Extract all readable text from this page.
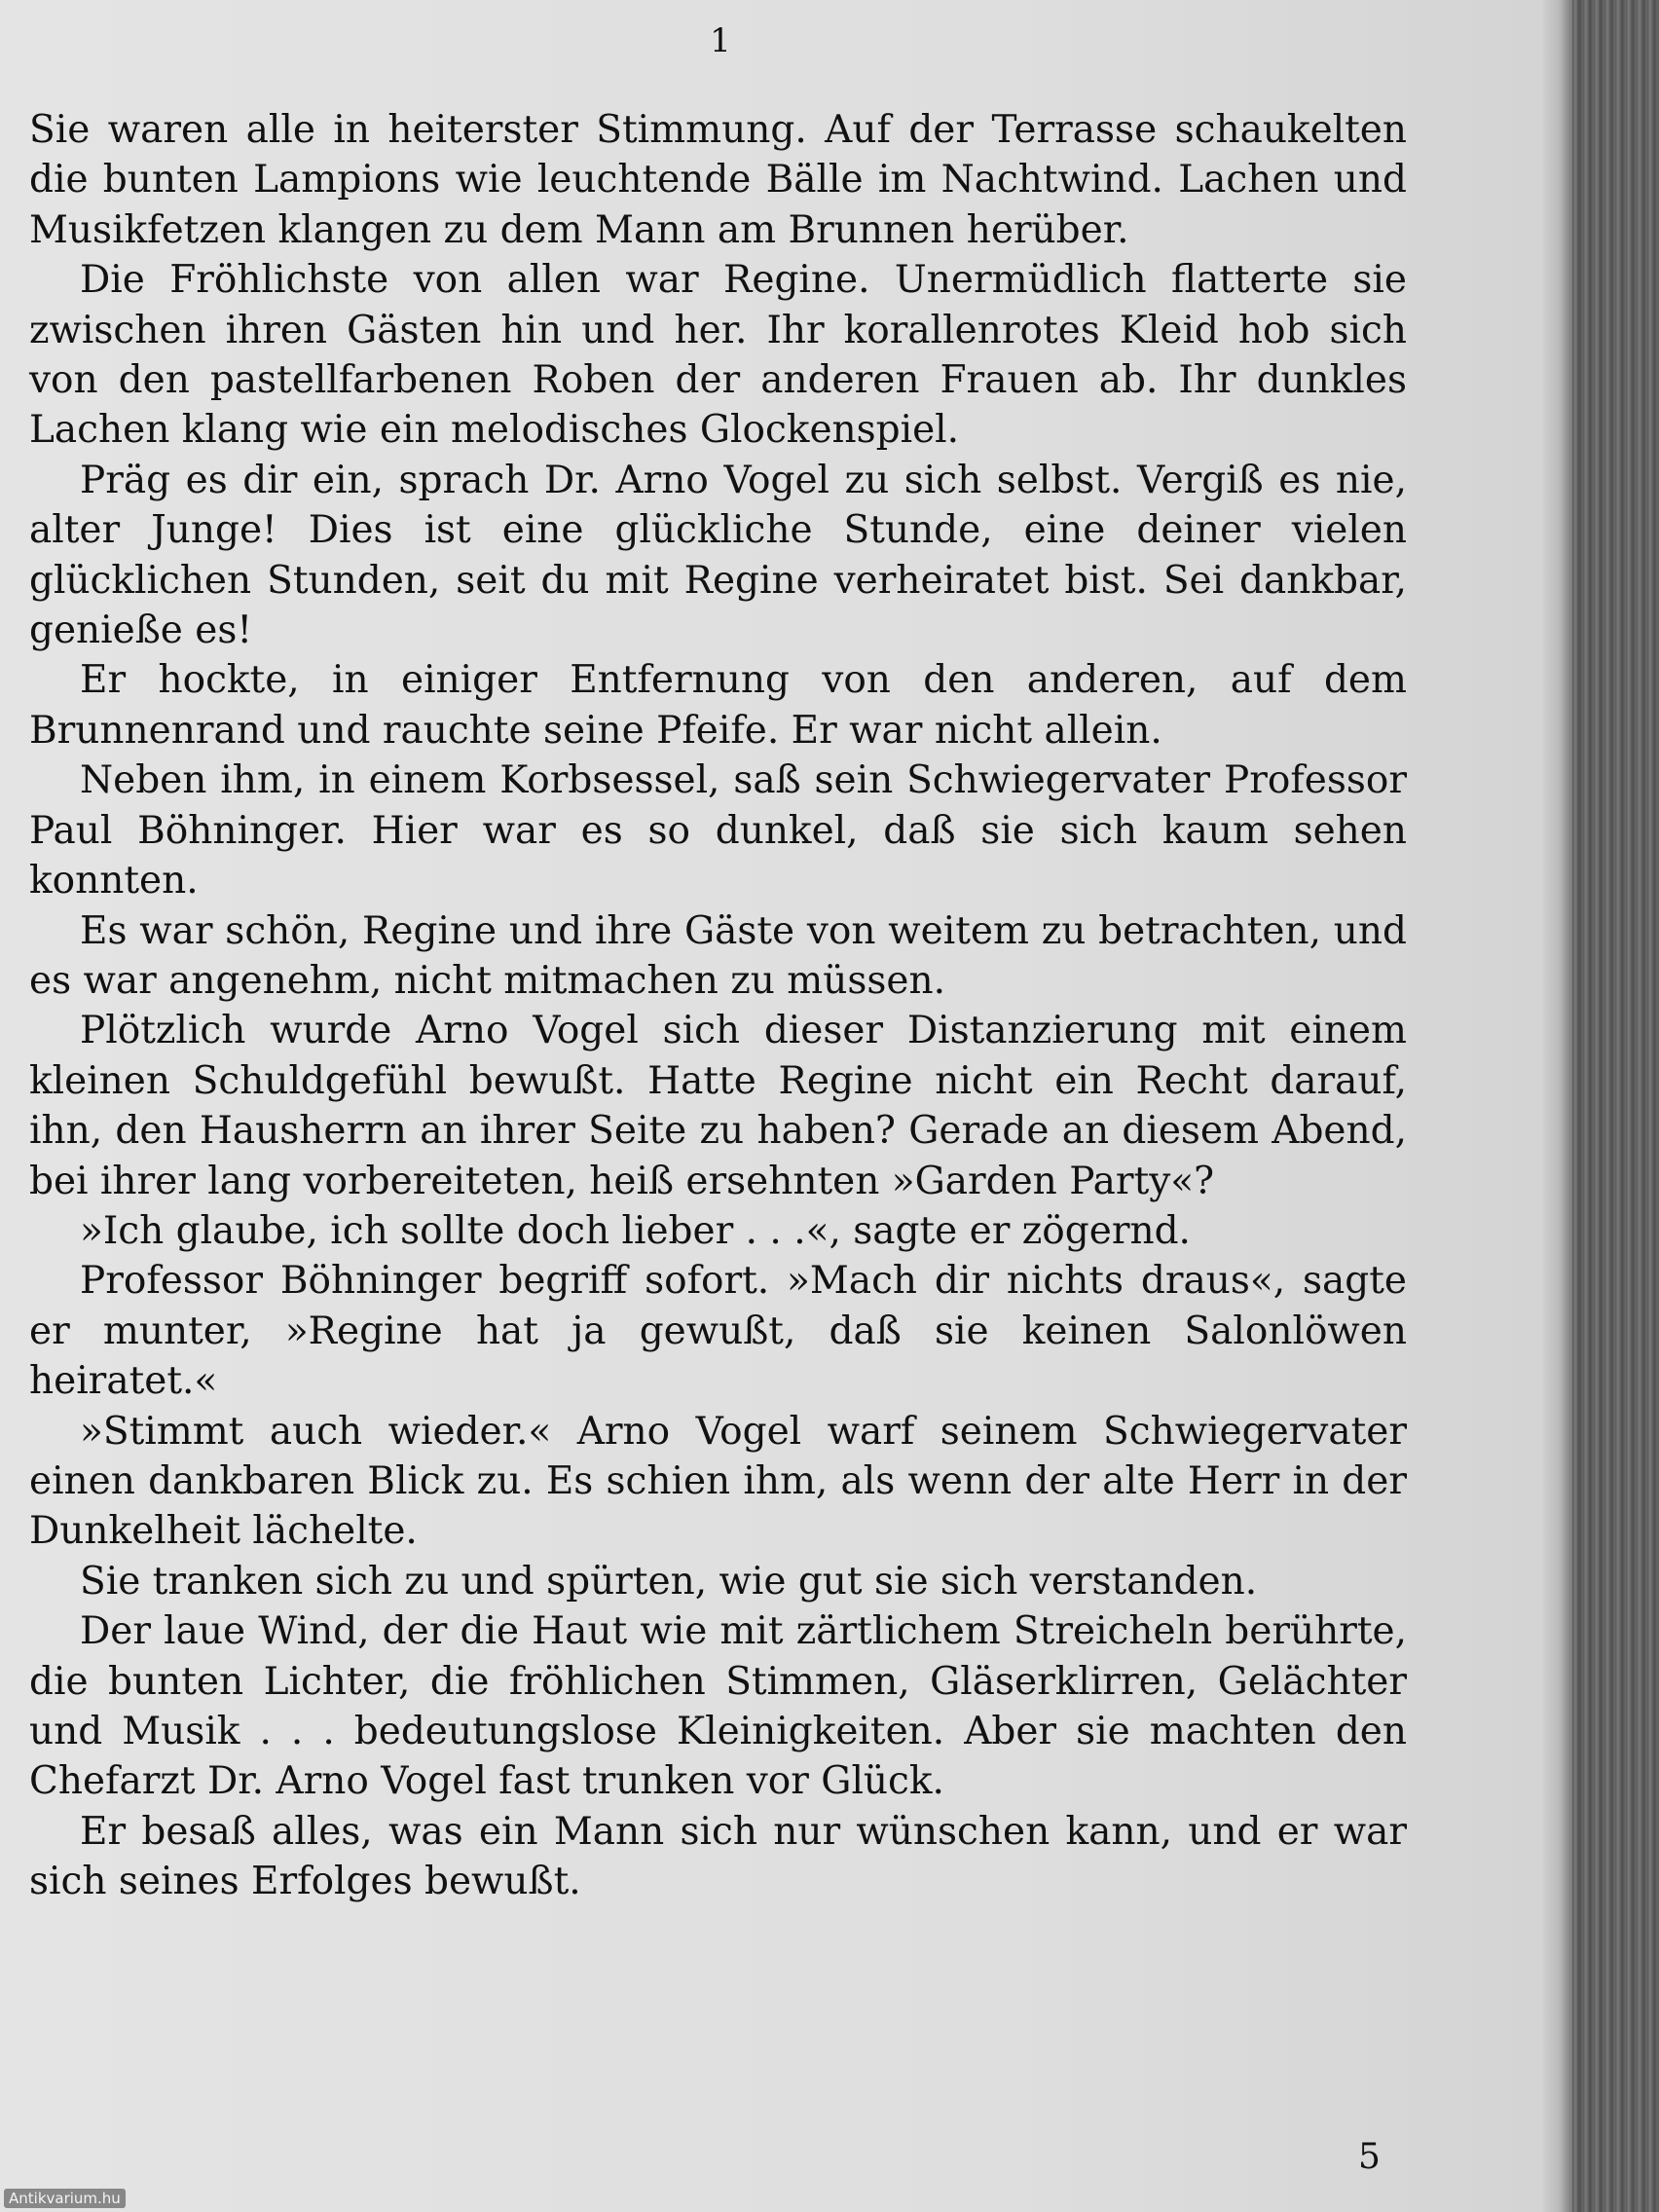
1

Sie waren alle in heiterster Stimmung. Auf der Terrasse schaukelten die bunten Lampions wie leuchtende Bälle im Nachtwind. Lachen und Musikfetzen klangen zu dem Mann am Brunnen herüber.

Die Fröhlichste von allen war Regine. Unermüdlich flatterte sie zwischen ihren Gästen hin und her. Ihr korallenrotes Kleid hob sich von den pastellfarbenen Roben der anderen Frauen ab. Ihr dunkles Lachen klang wie ein melodisches Glockenspiel.

Präg es dir ein, sprach Dr. Arno Vogel zu sich selbst. Vergiß es nie, alter Junge! Dies ist eine glückliche Stunde, eine deiner vielen glücklichen Stunden, seit du mit Regine verheiratet bist. Sei dankbar, genieße es!

Er hockte, in einiger Entfernung von den anderen, auf dem Brunnenrand und rauchte seine Pfeife. Er war nicht allein.

Neben ihm, in einem Korbsessel, saß sein Schwiegervater Professor Paul Böhninger. Hier war es so dunkel, daß sie sich kaum sehen konnten.

Es war schön, Regine und ihre Gäste von weitem zu betrachten, und es war angenehm, nicht mitmachen zu müssen.

Plötzlich wurde Arno Vogel sich dieser Distanzierung mit einem kleinen Schuldgefühl bewußt. Hatte Regine nicht ein Recht darauf, ihn, den Hausherrn an ihrer Seite zu haben? Gerade an diesem Abend, bei ihrer lang vorbereiteten, heiß ersehnten »Garden Party«?

»Ich glaube, ich sollte doch lieber . . .«, sagte er zögernd.

Professor Böhninger begriff sofort. »Mach dir nichts draus«, sagte er munter, »Regine hat ja gewußt, daß sie keinen Salonlöwen heiratet.«

»Stimmt auch wieder.« Arno Vogel warf seinem Schwiegervater einen dankbaren Blick zu. Es schien ihm, als wenn der alte Herr in der Dunkelheit lächelte.

Sie tranken sich zu und spürten, wie gut sie sich verstanden.

Der laue Wind, der die Haut wie mit zärtlichem Streicheln berührte, die bunten Lichter, die fröhlichen Stimmen, Gläserklirren, Gelächter und Musik . . . bedeutungslose Kleinigkeiten. Aber sie machten den Chefarzt Dr. Arno Vogel fast trunken vor Glück.

Er besaß alles, was ein Mann sich nur wünschen kann, und er war sich seines Erfolges bewußt.

5
Antikvarium.hu
